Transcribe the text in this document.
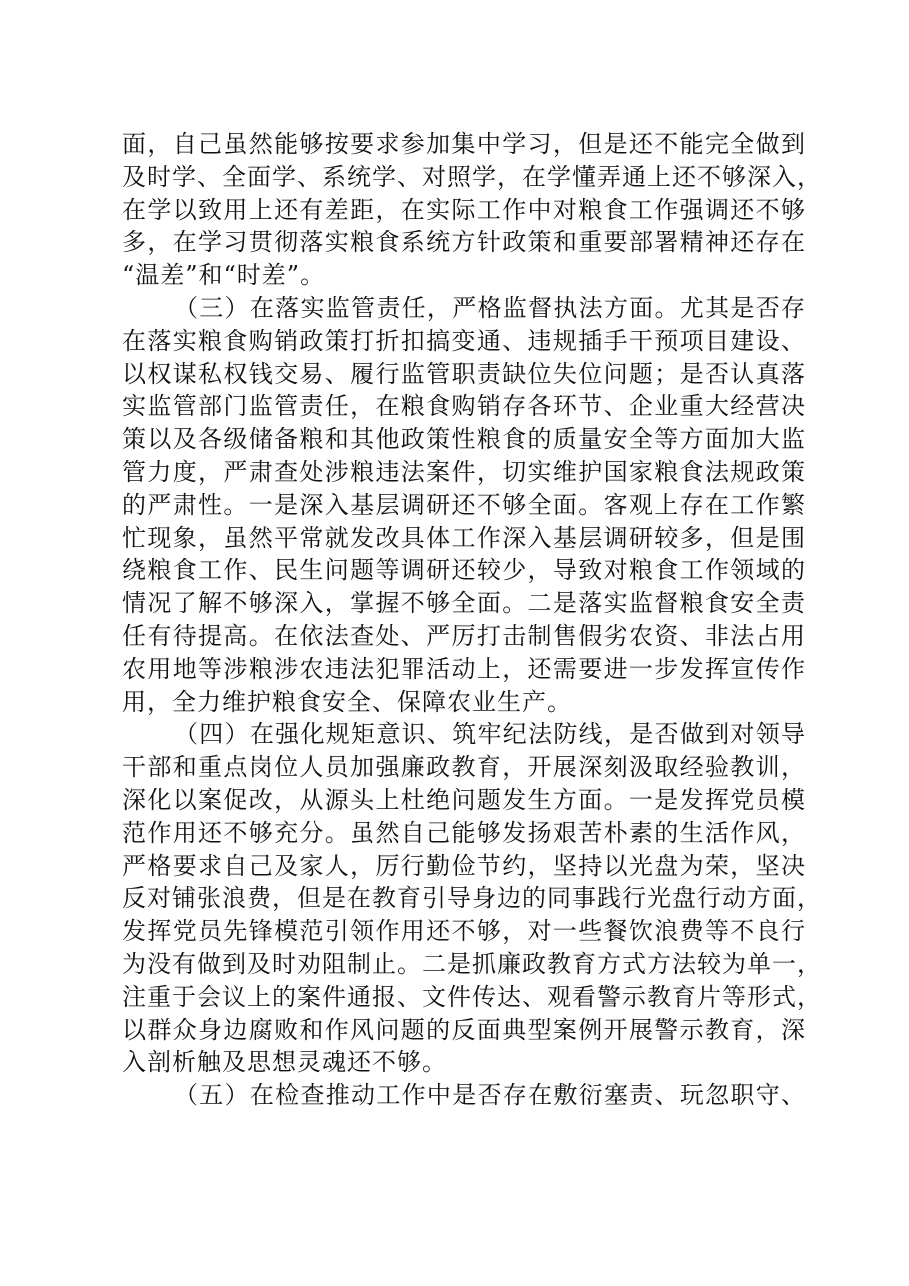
面，自己虽然能够按要求参加集中学习，但是还不能完全做到
及时学、全面学、系统学、对照学，在学懂弄通上还不够深入，
在学以致用上还有差距，在实际工作中对粮食工作强调还不够
多，在学习贯彻落实粮食系统方针政策和重要部署精神还存在
“温差”和“时差”。
（三）在落实监管责任，严格监督执法方面。尤其是否存
在落实粮食购销政策打折扣搞变通、违规插手干预项目建设、
以权谋私权钱交易、履行监管职责缺位失位问题；是否认真落
实监管部门监管责任，在粮食购销存各环节、企业重大经营决
策以及各级储备粮和其他政策性粮食的质量安全等方面加大监
管力度，严肃查处涉粮违法案件，切实维护国家粮食法规政策
的严肃性。一是深入基层调研还不够全面。客观上存在工作繁
忙现象，虽然平常就发改具体工作深入基层调研较多，但是围
绕粮食工作、民生问题等调研还较少，导致对粮食工作领域的
情况了解不够深入，掌握不够全面。二是落实监督粮食安全责
任有待提高。在依法查处、严厉打击制售假劣农资、非法占用
农用地等涉粮涉农违法犯罪活动上，还需要进一步发挥宣传作
用，全力维护粮食安全、保障农业生产。
（四）在强化规矩意识、筑牢纪法防线，是否做到对领导
干部和重点岗位人员加强廉政教育，开展深刻汲取经验教训，
深化以案促改，从源头上杜绝问题发生方面。一是发挥党员模
范作用还不够充分。虽然自己能够发扬艰苦朴素的生活作风，
严格要求自己及家人，厉行勤俭节约，坚持以光盘为荣，坚决
反对铺张浪费，但是在教育引导身边的同事践行光盘行动方面，
发挥党员先锋模范引领作用还不够，对一些餐饮浪费等不良行
为没有做到及时劝阻制止。二是抓廉政教育方式方法较为单一，
注重于会议上的案件通报、文件传达、观看警示教育片等形式，
以群众身边腐败和作风问题的反面典型案例开展警示教育，深
入剖析触及思想灵魂还不够。
（五）在检查推动工作中是否存在敷衍塞责、玩忽职守、
